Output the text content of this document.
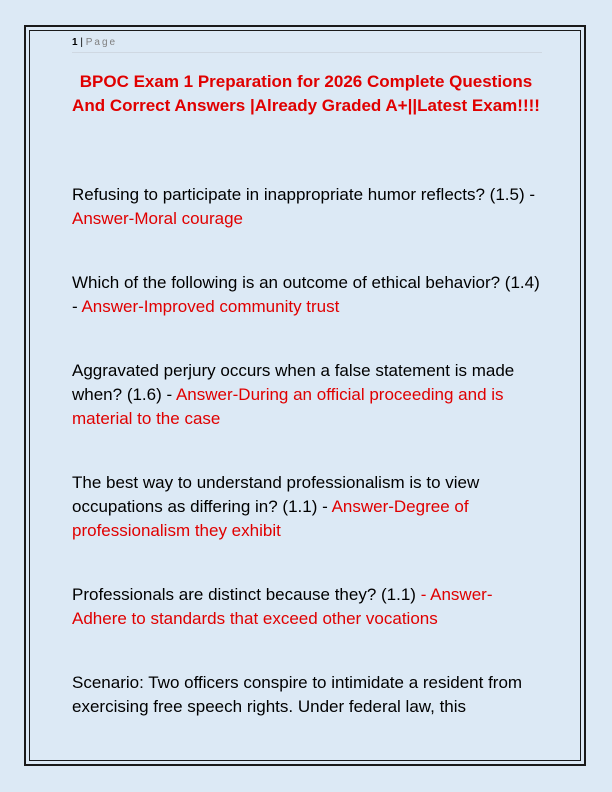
1 | Page
BPOC Exam 1 Preparation for 2026 Complete Questions And Correct Answers |Already Graded A+||Latest Exam!!!!
Refusing to participate in inappropriate humor reflects? (1.5) - Answer-Moral courage
Which of the following is an outcome of ethical behavior? (1.4) - Answer-Improved community trust
Aggravated perjury occurs when a false statement is made when? (1.6) - Answer-During an official proceeding and is material to the case
The best way to understand professionalism is to view occupations as differing in? (1.1) - Answer-Degree of professionalism they exhibit
Professionals are distinct because they? (1.1) - Answer-Adhere to standards that exceed other vocations
Scenario: Two officers conspire to intimidate a resident from exercising free speech rights. Under federal law, this
